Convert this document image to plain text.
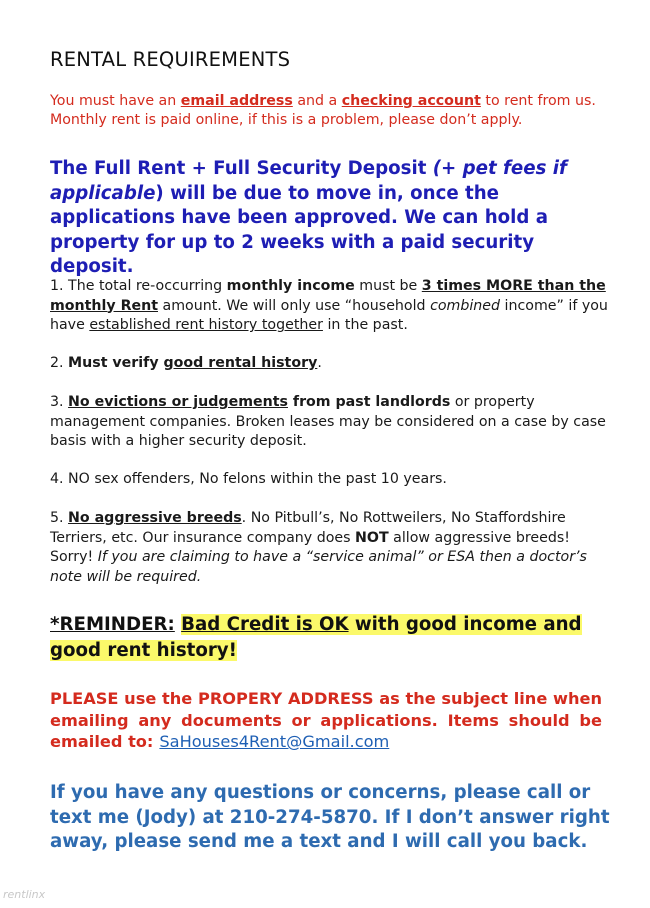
RENTAL REQUIREMENTS
You must have an email address and a checking account to rent from us. Monthly rent is paid online, if this is a problem, please don’t apply.
The Full Rent + Full Security Deposit (+ pet fees if applicable) will be due to move in, once the applications have been approved. We can hold a property for up to 2 weeks with a paid security deposit.
1. The total re-occurring monthly income must be 3 times MORE than the monthly Rent amount. We will only use “household combined income” if you have established rent history together in the past.
2. Must verify good rental history.
3. No evictions or judgements from past landlords or property management companies. Broken leases may be considered on a case by case basis with a higher security deposit.
4. NO sex offenders, No felons within the past 10 years.
5. No aggressive breeds. No Pitbull’s, No Rottweilers, No Staffordshire Terriers, etc. Our insurance company does NOT allow aggressive breeds! Sorry! If you are claiming to have a “service animal” or ESA then a doctor’s note will be required.
*REMINDER: Bad Credit is OK with good income and good rent history!
PLEASE use the PROPERY ADDRESS as the subject line when emailing any documents or applications. Items should be emailed to: SaHouses4Rent@Gmail.com
If you have any questions or concerns, please call or text me (Jody) at 210-274-5870. If I don’t answer right away, please send me a text and I will call you back.
rentlinx
